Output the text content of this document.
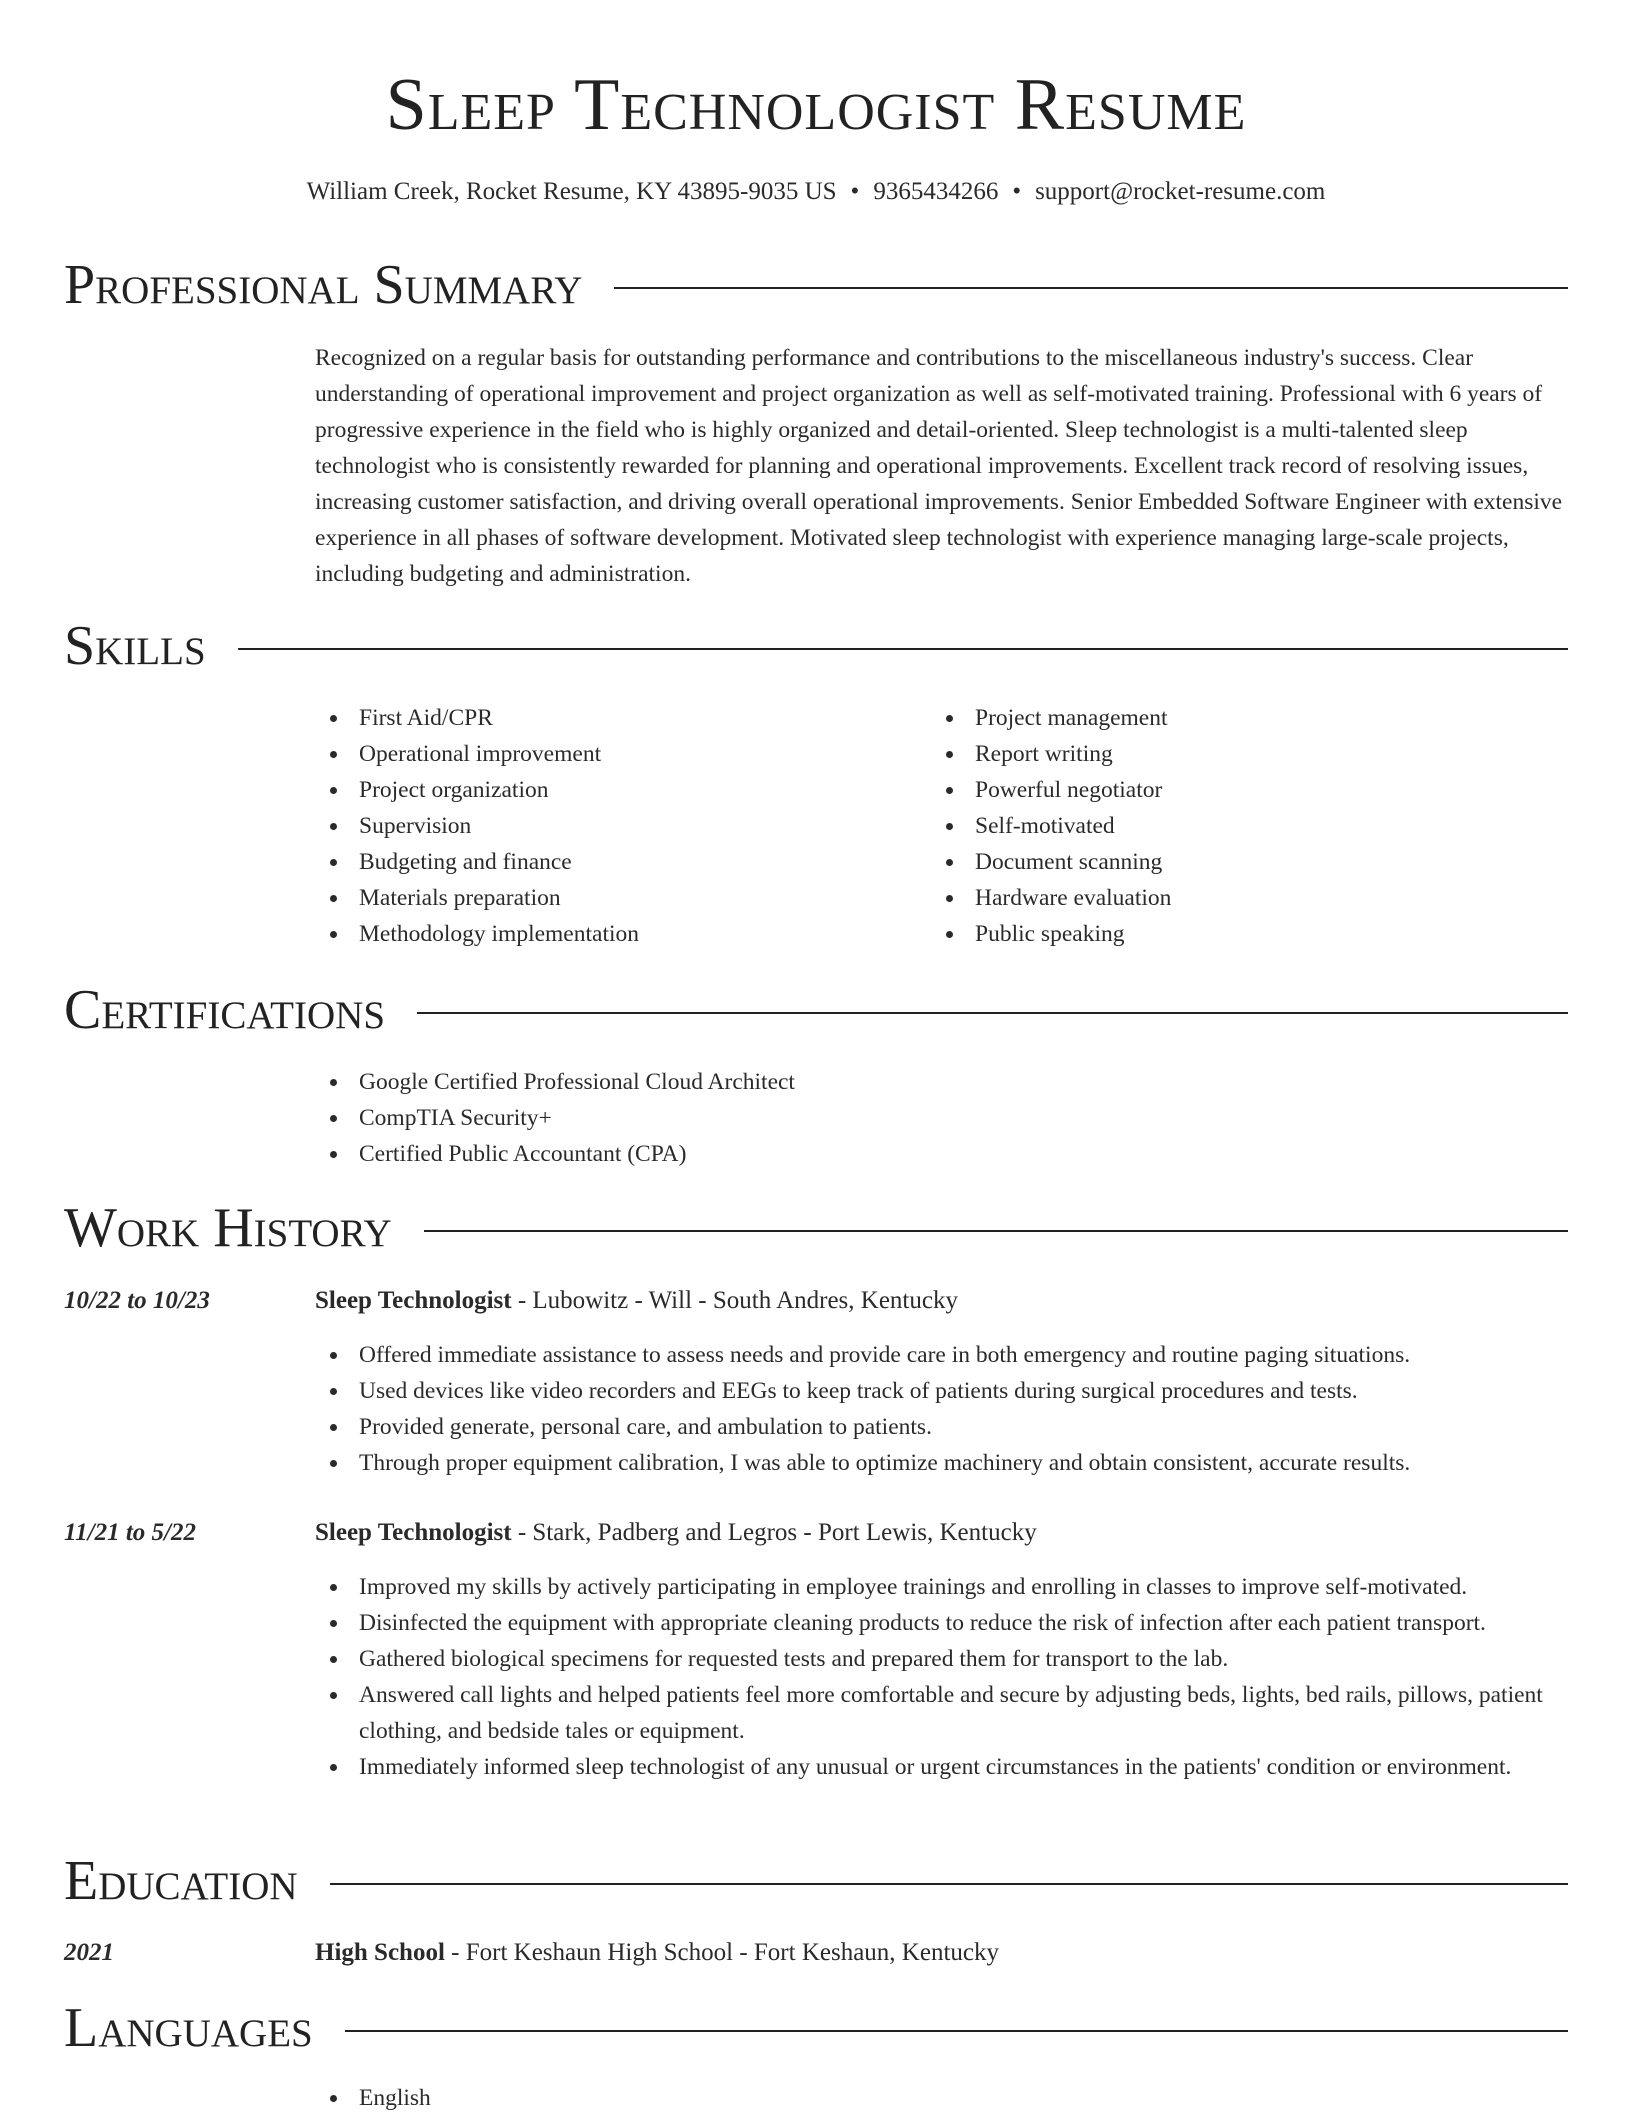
Sleep Technologist Resume
William Creek, Rocket Resume, KY 43895-9035 US • 9365434266 • support@rocket-resume.com
Professional Summary
Recognized on a regular basis for outstanding performance and contributions to the miscellaneous industry's success. Clear understanding of operational improvement and project organization as well as self-motivated training. Professional with 6 years of progressive experience in the field who is highly organized and detail-oriented. Sleep technologist is a multi-talented sleep technologist who is consistently rewarded for planning and operational improvements. Excellent track record of resolving issues, increasing customer satisfaction, and driving overall operational improvements. Senior Embedded Software Engineer with extensive experience in all phases of software development. Motivated sleep technologist with experience managing large-scale projects, including budgeting and administration.
Skills
First Aid/CPR
Operational improvement
Project organization
Supervision
Budgeting and finance
Materials preparation
Methodology implementation
Project management
Report writing
Powerful negotiator
Self-motivated
Document scanning
Hardware evaluation
Public speaking
Certifications
Google Certified Professional Cloud Architect
CompTIA Security+
Certified Public Accountant (CPA)
Work History
10/22 to 10/23	Sleep Technologist - Lubowitz - Will - South Andres, Kentucky
Offered immediate assistance to assess needs and provide care in both emergency and routine paging situations.
Used devices like video recorders and EEGs to keep track of patients during surgical procedures and tests.
Provided generate, personal care, and ambulation to patients.
Through proper equipment calibration, I was able to optimize machinery and obtain consistent, accurate results.
11/21 to 5/22	Sleep Technologist - Stark, Padberg and Legros - Port Lewis, Kentucky
Improved my skills by actively participating in employee trainings and enrolling in classes to improve self-motivated.
Disinfected the equipment with appropriate cleaning products to reduce the risk of infection after each patient transport.
Gathered biological specimens for requested tests and prepared them for transport to the lab.
Answered call lights and helped patients feel more comfortable and secure by adjusting beds, lights, bed rails, pillows, patient clothing, and bedside tales or equipment.
Immediately informed sleep technologist of any unusual or urgent circumstances in the patients' condition or environment.
Education
2021	High School - Fort Keshaun High School - Fort Keshaun, Kentucky
Languages
English
